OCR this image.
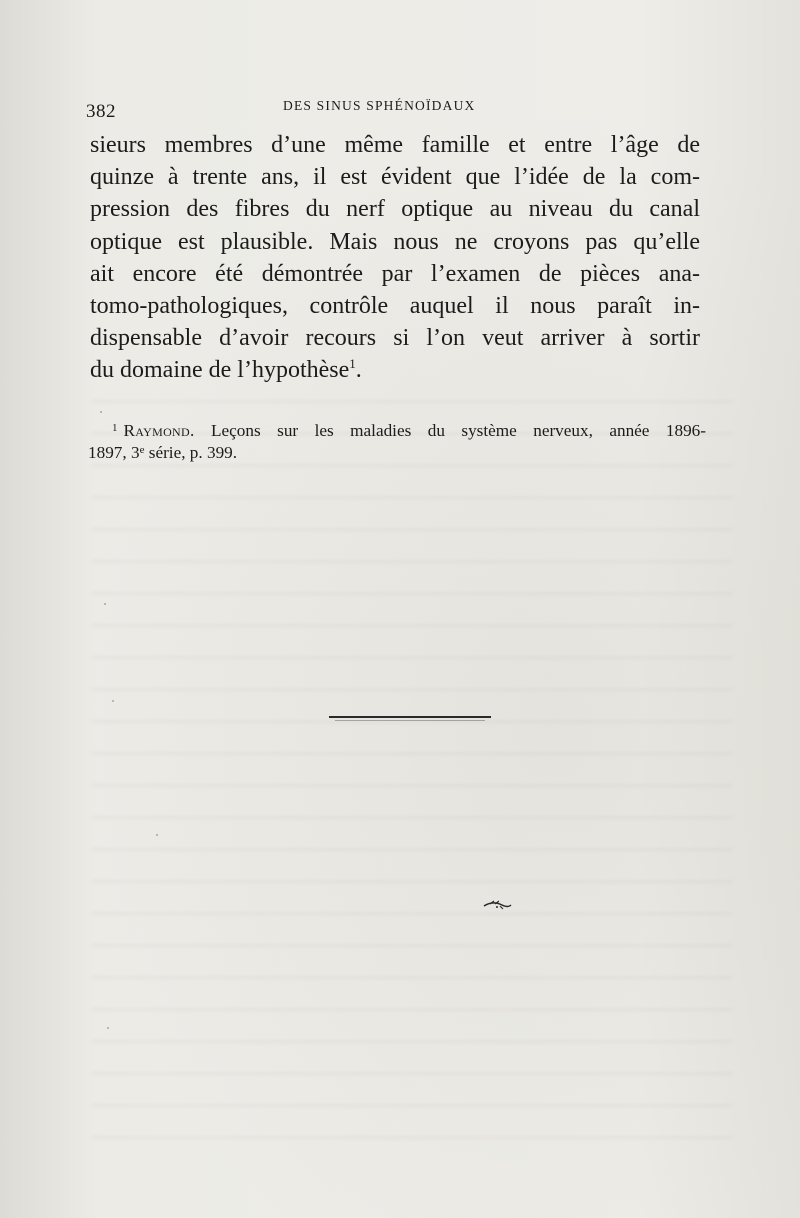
382	DES SINUS SPHÉNOÏDAUX
sieurs membres d’une même famille et entre l’âge de
quinze à trente ans, il est évident que l’idée de la com-
pression des fibres du nerf optique au niveau du canal
optique est plausible. Mais nous ne croyons pas qu’elle
ait encore été démontrée par l’examen de pièces ana-
tomo-pathologiques, contrôle auquel il nous paraît in-
dispensable d’avoir recours si l’on veut arriver à sortir
du domaine de l’hypothèse$^1$.
$^1$ Raymond. Leçons sur les maladies du système nerveux, année 1896-
1897, 3e série, p. 399.
